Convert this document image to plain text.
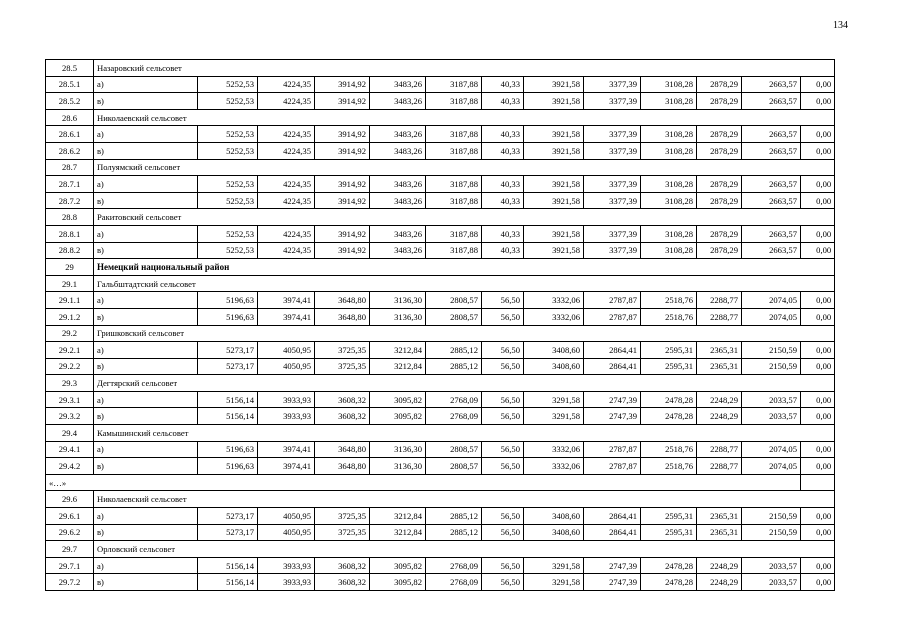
134
28.5	Назаровский сельсовет												
28.5.1	а)	5252,53	4224,35	3914,92	3483,26	3187,88	40,33	3921,58	3377,39	3108,28	2878,29	2663,57	0,00
28.5.2	в)	5252,53	4224,35	3914,92	3483,26	3187,88	40,33	3921,58	3377,39	3108,28	2878,29	2663,57	0,00
28.6	Николаевский сельсовет												
28.6.1	а)	5252,53	4224,35	3914,92	3483,26	3187,88	40,33	3921,58	3377,39	3108,28	2878,29	2663,57	0,00
28.6.2	в)	5252,53	4224,35	3914,92	3483,26	3187,88	40,33	3921,58	3377,39	3108,28	2878,29	2663,57	0,00
28.7	Полуямский сельсовет												
28.7.1	а)	5252,53	4224,35	3914,92	3483,26	3187,88	40,33	3921,58	3377,39	3108,28	2878,29	2663,57	0,00
28.7.2	в)	5252,53	4224,35	3914,92	3483,26	3187,88	40,33	3921,58	3377,39	3108,28	2878,29	2663,57	0,00
28.8	Ракитовский сельсовет												
28.8.1	а)	5252,53	4224,35	3914,92	3483,26	3187,88	40,33	3921,58	3377,39	3108,28	2878,29	2663,57	0,00
28.8.2	в)	5252,53	4224,35	3914,92	3483,26	3187,88	40,33	3921,58	3377,39	3108,28	2878,29	2663,57	0,00
29	Немецкий национальный район												
29.1	Гальбштадтский сельсовет												
29.1.1	а)	5196,63	3974,41	3648,80	3136,30	2808,57	56,50	3332,06	2787,87	2518,76	2288,77	2074,05	0,00
29.1.2	в)	5196,63	3974,41	3648,80	3136,30	2808,57	56,50	3332,06	2787,87	2518,76	2288,77	2074,05	0,00
29.2	Гришковский сельсовет												
29.2.1	а)	5273,17	4050,95	3725,35	3212,84	2885,12	56,50	3408,60	2864,41	2595,31	2365,31	2150,59	0,00
29.2.2	в)	5273,17	4050,95	3725,35	3212,84	2885,12	56,50	3408,60	2864,41	2595,31	2365,31	2150,59	0,00
29.3	Дегтярский сельсовет												
29.3.1	а)	5156,14	3933,93	3608,32	3095,82	2768,09	56,50	3291,58	2747,39	2478,28	2248,29	2033,57	0,00
29.3.2	в)	5156,14	3933,93	3608,32	3095,82	2768,09	56,50	3291,58	2747,39	2478,28	2248,29	2033,57	0,00
29.4	Камышинский сельсовет												
29.4.1	а)	5196,63	3974,41	3648,80	3136,30	2808,57	56,50	3332,06	2787,87	2518,76	2288,77	2074,05	0,00
29.4.2	в)	5196,63	3974,41	3648,80	3136,30	2808,57	56,50	3332,06	2787,87	2518,76	2288,77	2074,05	0,00
«…»													
29.6	Николаевский сельсовет												
29.6.1	а)	5273,17	4050,95	3725,35	3212,84	2885,12	56,50	3408,60	2864,41	2595,31	2365,31	2150,59	0,00
29.6.2	в)	5273,17	4050,95	3725,35	3212,84	2885,12	56,50	3408,60	2864,41	2595,31	2365,31	2150,59	0,00
29.7	Орловский сельсовет												
29.7.1	а)	5156,14	3933,93	3608,32	3095,82	2768,09	56,50	3291,58	2747,39	2478,28	2248,29	2033,57	0,00
29.7.2	в)	5156,14	3933,93	3608,32	3095,82	2768,09	56,50	3291,58	2747,39	2478,28	2248,29	2033,57	0,00
